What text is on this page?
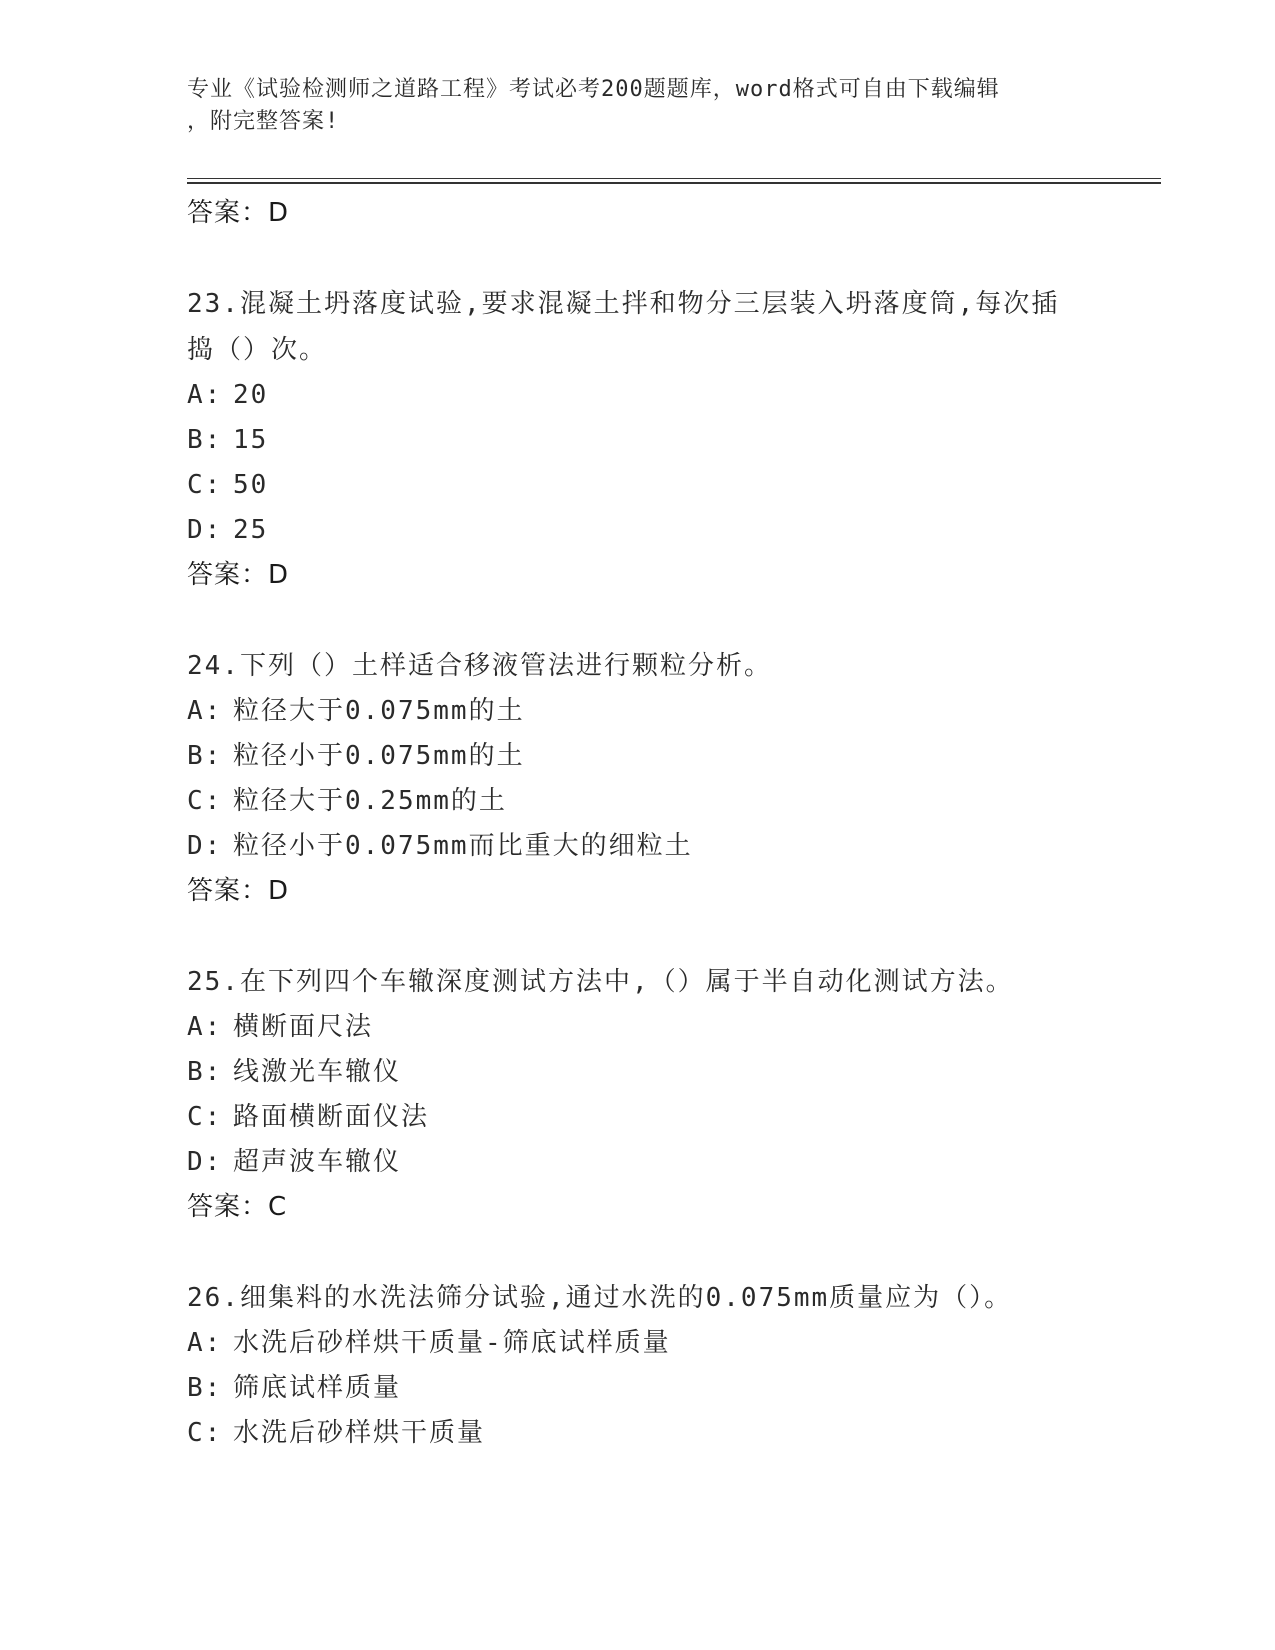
专业《试验检测师之道路工程》考试必考200题题库，word格式可自由下载编辑
，附完整答案!
答案：D
23.混凝土坍落度试验,要求混凝土拌和物分三层装入坍落度筒,每次插
捣（）次。
A: 20
B: 15
C: 50
D: 25
答案：D
24.下列（）土样适合移液管法进行颗粒分析。
A: 粒径大于0.075mm的土
B: 粒径小于0.075mm的土
C: 粒径大于0.25mm的土
D: 粒径小于0.075mm而比重大的细粒土
答案：D
25.在下列四个车辙深度测试方法中,（）属于半自动化测试方法。
A: 横断面尺法
B: 线激光车辙仪
C: 路面横断面仪法
D: 超声波车辙仪
答案：C
26.细集料的水洗法筛分试验,通过水洗的0.075mm质量应为（）。
A: 水洗后砂样烘干质量-筛底试样质量
B: 筛底试样质量
C: 水洗后砂样烘干质量
